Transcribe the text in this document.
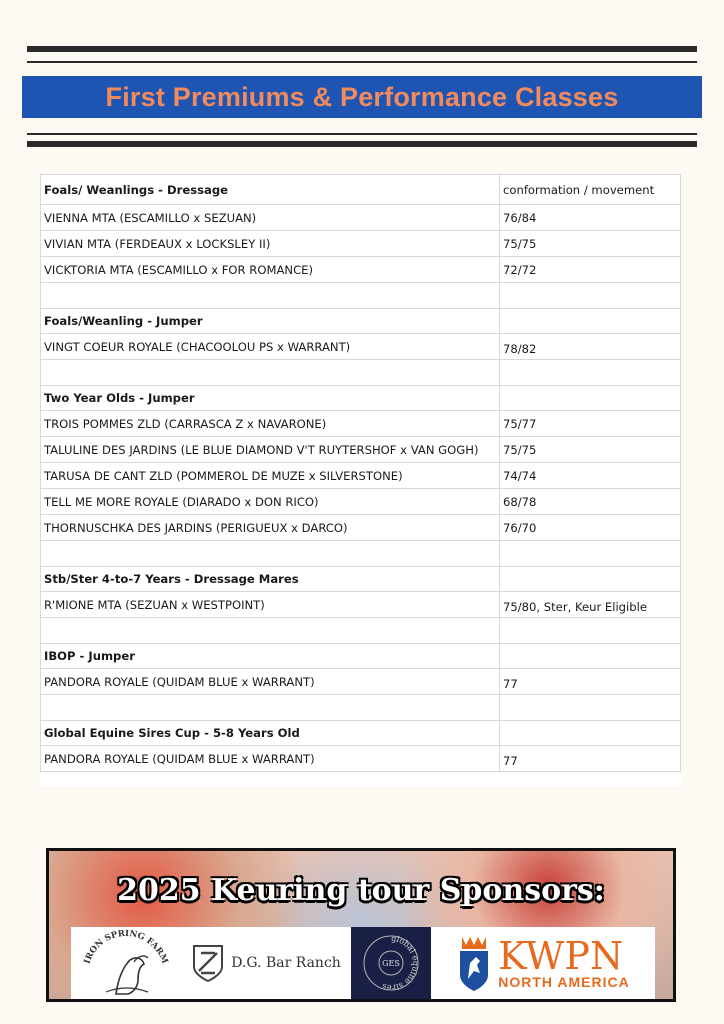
First Premiums & Performance Classes
Foals/ Weanlings - Dressage	conformation / movement
VIENNA MTA (ESCAMILLO x SEZUAN)	76/84
VIVIAN MTA (FERDEAUX x LOCKSLEY II)	75/75
VICKTORIA MTA (ESCAMILLO x FOR ROMANCE)	72/72

Foals/Weanling - Jumper	
VINGT COEUR ROYALE (CHACOOLOU PS x WARRANT)	78/82

Two Year Olds - Jumper	
TROIS POMMES ZLD (CARRASCA Z x NAVARONE)	75/77
TALULINE DES JARDINS (LE BLUE DIAMOND V'T RUYTERSHOF x VAN GOGH)	75/75
TARUSA DE CANT ZLD (POMMEROL DE MUZE x SILVERSTONE)	74/74
TELL ME MORE ROYALE (DIARADO x DON RICO)	68/78
THORNUSCHKA DES JARDINS (PERIGUEUX x DARCO)	76/70

Stb/Ster 4-to-7 Years - Dressage Mares	
R'MIONE MTA (SEZUAN x WESTPOINT)	75/80, Ster, Keur Eligible

IBOP - Jumper	
PANDORA ROYALE (QUIDAM BLUE x WARRANT)	77

Global Equine Sires Cup - 5-8 Years Old	
PANDORA ROYALE (QUIDAM BLUE x WARRANT)	77
2025 Keuring tour Sponsors:
IRON SPRING FARM	D.G. Bar Ranch
global equine sires
GES	KWPN
NORTH AMERICA
